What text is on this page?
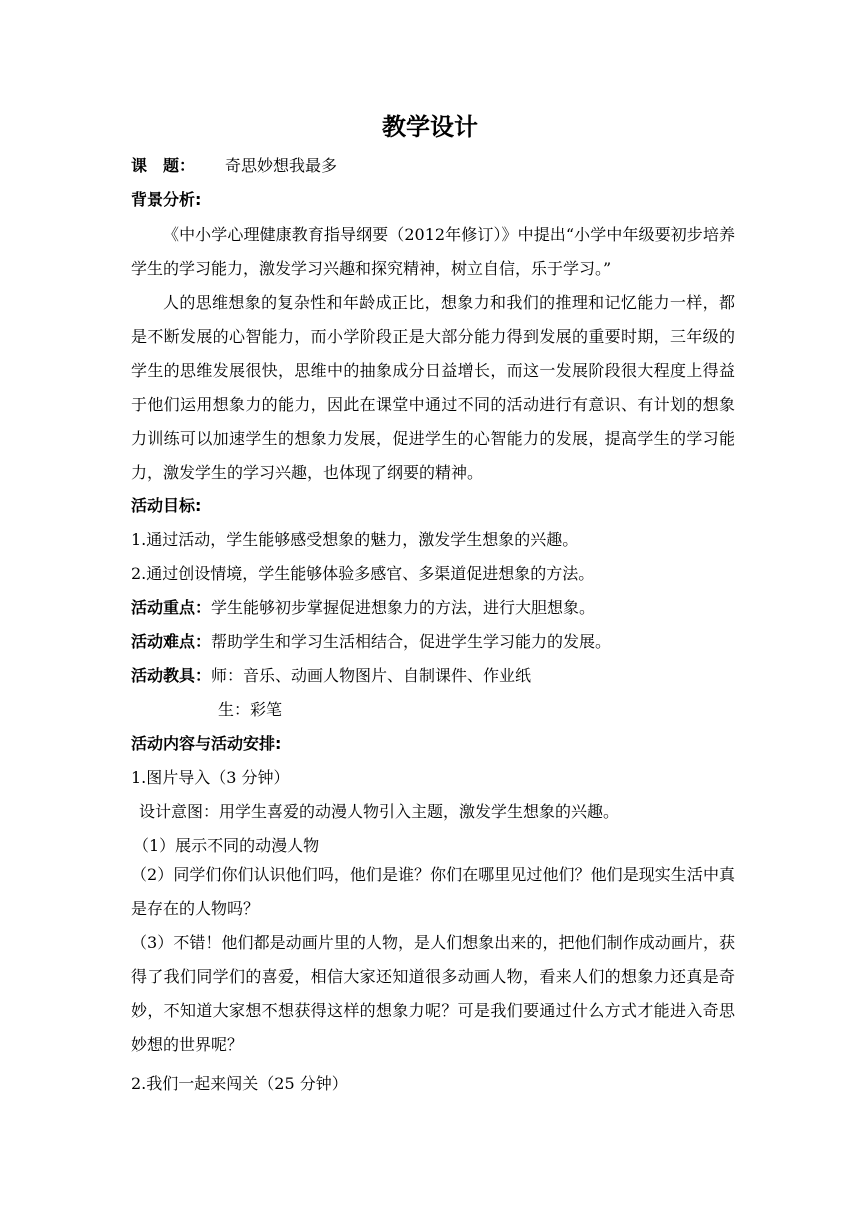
教学设计
课　题： 奇思妙想我最多
背景分析:
《中小学心理健康教育指导纲要（2012年修订）》中提出“小学中年级要初步培养学生的学习能力，激发学习兴趣和探究精神，树立自信，乐于学习。”
人的思维想象的复杂性和年龄成正比，想象力和我们的推理和记忆能力一样，都是不断发展的心智能力，而小学阶段正是大部分能力得到发展的重要时期，三年级的学生的思维发展很快，思维中的抽象成分日益增长，而这一发展阶段很大程度上得益于他们运用想象力的能力，因此在课堂中通过不同的活动进行有意识、有计划的想象力训练可以加速学生的想象力发展，促进学生的心智能力的发展，提高学生的学习能力，激发学生的学习兴趣，也体现了纲要的精神。
活动目标:
1.通过活动，学生能够感受想象的魅力，激发学生想象的兴趣。
2.通过创设情境，学生能够体验多感官、多渠道促进想象的方法。
活动重点：学生能够初步掌握促进想象力的方法，进行大胆想象。
活动难点：帮助学生和学习生活相结合，促进学生学习能力的发展。
活动教具：师：音乐、动画人物图片、自制课件、作业纸
生：彩笔
活动内容与活动安排:
1.图片导入（3 分钟）
设计意图：用学生喜爱的动漫人物引入主题，激发学生想象的兴趣。
（1）展示不同的动漫人物
（2）同学们你们认识他们吗，他们是谁？你们在哪里见过他们？他们是现实生活中真是存在的人物吗？
（3）不错！他们都是动画片里的人物，是人们想象出来的，把他们制作成动画片，获得了我们同学们的喜爱，相信大家还知道很多动画人物，看来人们的想象力还真是奇妙，不知道大家想不想获得这样的想象力呢？可是我们要通过什么方式才能进入奇思妙想的世界呢？
2.我们一起来闯关（25 分钟）
